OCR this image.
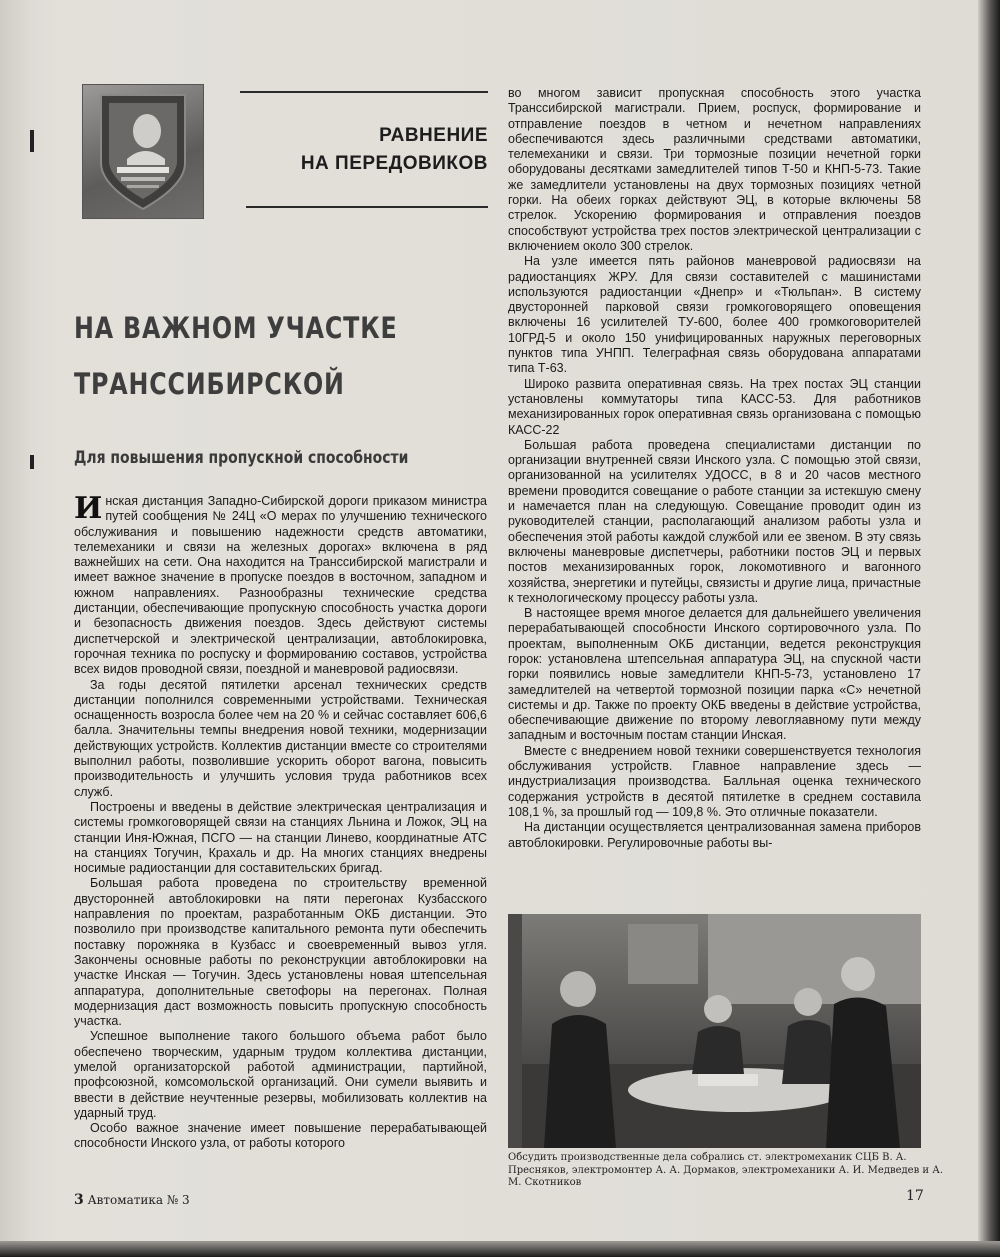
РАВНЕНИЕ
НА ПЕРЕДОВИКОВ
НА ВАЖНОМ УЧАСТКЕ
ТРАНССИБИРСКОЙ
Для повышения пропускной способности

Инская дистанция Западно-Сибирской дороги приказом министра путей сообщения № 24Ц «О мерах по улучшению технического обслуживания и повышению надежности средств автоматики, телемеханики и связи на железных дорогах» включена в ряд важнейших на сети. Она находится на Транссибирской магистрали и имеет важное значение в пропуске поездов в восточном, западном и южном направлениях. Разнообразны технические средства дистанции, обеспечивающие пропускную способность участка дороги и безопасность движения поездов. Здесь действуют системы диспетчерской и электрической централизации, автоблокировка, горочная техника по роспуску и формированию составов, устройства всех видов проводной связи, поездной и маневровой радиосвязи.

За годы десятой пятилетки арсенал технических средств дистанции пополнился современными устройствами. Техническая оснащенность возросла более чем на 20 % и сейчас составляет 606,6 балла. Значительны темпы внедрения новой техники, модернизации действующих устройств. Коллектив дистанции вместе со строителями выполнил работы, позволившие ускорить оборот вагона, повысить производительность и улучшить условия труда работников всех служб.

Построены и введены в действие электрическая централизация и системы громкоговорящей связи на станциях Льнина и Ложок, ЭЦ на станции Иня-Южная, ПСГО — на станции Линево, координатные АТС на станциях Тогучин, Крахаль и др. На многих станциях внедрены носимые радиостанции для составительских бригад.

Большая работа проведена по строительству временной двусторонней автоблокировки на пяти перегонах Кузбасского направления по проектам, разработанным ОКБ дистанции. Это позволило при производстве капитального ремонта пути обеспечить поставку порожняка в Кузбасс и своевременный вывоз угля. Закончены основные работы по реконструкции автоблокировки на участке Инская — Тогучин. Здесь установлены новая штепсельная аппаратура, дополнительные светофоры на перегонах. Полная модернизация даст возможность повысить пропускную способность участка.

Успешное выполнение такого большого объема работ было обеспечено творческим, ударным трудом коллектива дистанции, умелой организаторской работой администрации, партийной, профсоюзной, комсомольской организаций. Они сумели выявить и ввести в действие неучтенные резервы, мобилизовать коллектив на ударный труд.

Особо важное значение имеет повышение перерабатывающей способности Инского узла, от работы которого

во многом зависит пропускная способность этого участка Транссибирской магистрали. Прием, роспуск, формирование и отправление поездов в четном и нечетном направлениях обеспечиваются здесь различными средствами автоматики, телемеханики и связи. Три тормозные позиции нечетной горки оборудованы десятками замедлителей типов Т-50 и КНП-5-73. Такие же замедлители установлены на двух тормозных позициях четной горки. На обеих горках действуют ЭЦ, в которые включены 58 стрелок. Ускорению формирования и отправления поездов способствуют устройства трех постов электрической централизации с включением около 300 стрелок.

На узле имеется пять районов маневровой радиосвязи на радиостанциях ЖРУ. Для связи составителей с машинистами используются радиостанции «Днепр» и «Тюльпан». В систему двусторонней парковой связи громкоговорящего оповещения включены 16 усилителей ТУ-600, более 400 громкоговорителей 10ГРД-5 и около 150 унифицированных наружных переговорных пунктов типа УНПП. Телеграфная связь оборудована аппаратами типа Т-63.

Широко развита оперативная связь. На трех постах ЭЦ станции установлены коммутаторы типа КАСС-53. Для работников механизированных горок оперативная связь организована с помощью КАСС-22

Большая работа проведена специалистами дистанции по организации внутренней связи Инского узла. С помощью этой связи, организованной на усилителях УДОСС, в 8 и 20 часов местного времени проводится совещание о работе станции за истекшую смену и намечается план на следующую. Совещание проводит один из руководителей станции, располагающий анализом работы узла и обеспечения этой работы каждой службой или ее звеном. В эту связь включены маневровые диспетчеры, работники постов ЭЦ и первых постов механизированных горок, локомотивного и вагонного хозяйства, энергетики и путейцы, связисты и другие лица, причастные к технологическому процессу работы узла.

В настоящее время многое делается для дальнейшего увеличения перерабатывающей способности Инского сортировочного узла. По проектам, выполненным ОКБ дистанции, ведется реконструкция горок: установлена штепсельная аппаратура ЭЦ, на спускной части горки появились новые замедлители КНП-5-73, установлено 17 замедлителей на четвертой тормозной позиции парка «С» нечетной системы и др. Также по проекту ОКБ введены в действие устройства, обеспечивающие движение по второму левогляавному пути между западным и восточным постам станции Инская.

Вместе с внедрением новой техники совершенствуется технология обслуживания устройств. Главное направление здесь — индустриализация производства. Балльная оценка технического содержания устройств в десятой пятилетке в среднем составила 108,1 %, за прошлый год — 109,8 %. Это отличные показатели.

На дистанции осуществляется централизованная замена приборов автоблокировки. Регулировочные работы вы-

Обсудить производственные дела собрались ст. электромеханик СЦБ В. А. Пресняков, электромонтер А. А. Дормаков, электромеханики А. И. Медведев и А. М. Скотников
3 Автоматика № 3	17
